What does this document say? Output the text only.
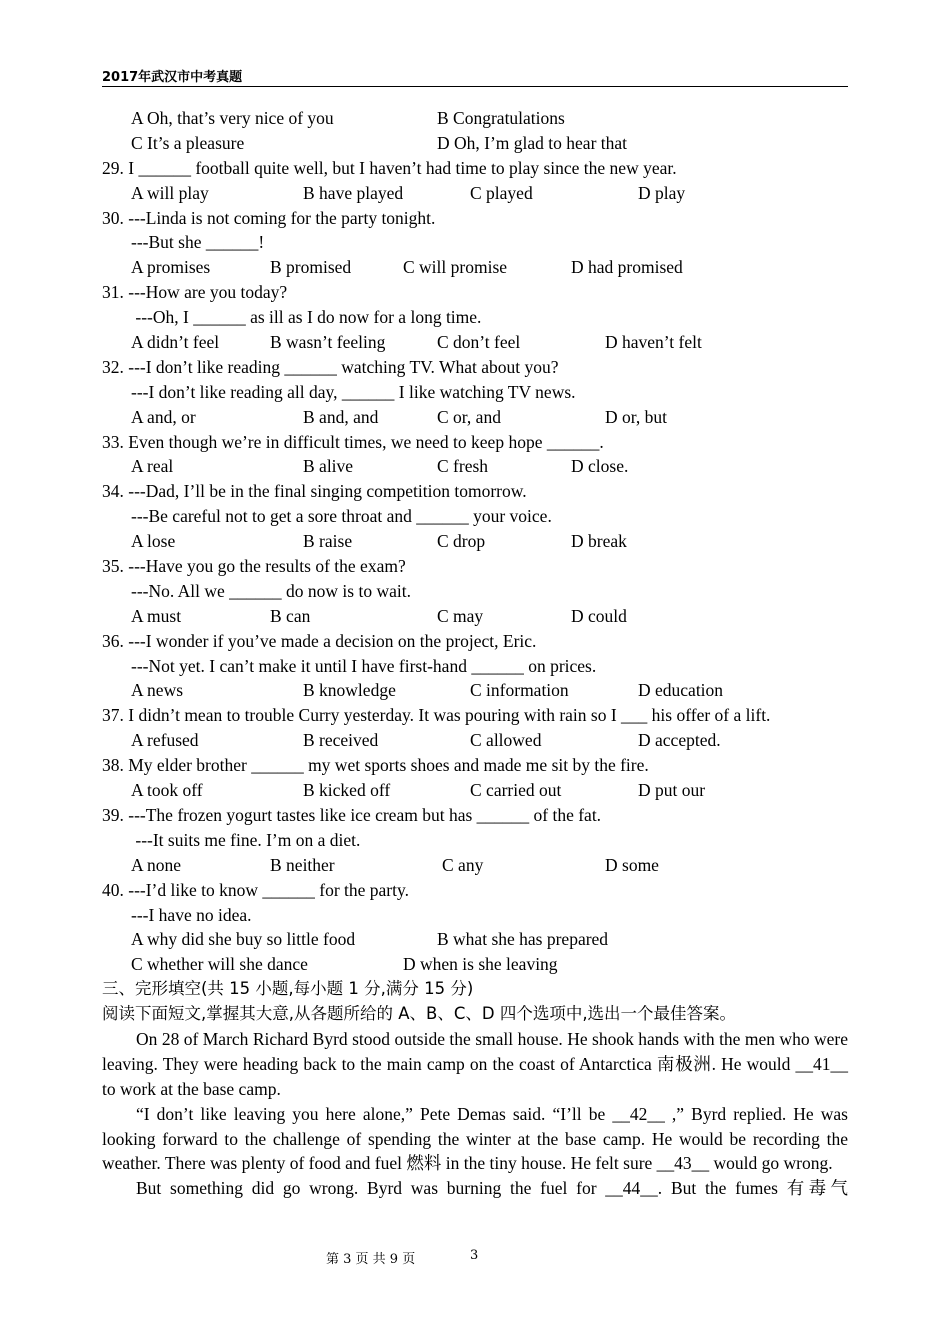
2017年武汉市中考真题
A Oh, that’s very nice of you	B Congratulations
C It’s a pleasure	D Oh, I’m glad to hear that
29. I ______ football quite well, but I haven’t had time to play since the new year.
A will play	B have played	C played	D play
30. ---Linda is not coming for the party tonight.
---But she ______!
A promises	B promised	C will promise	D had promised
31. ---How are you today?
---Oh, I ______ as ill as I do now for a long time.
A didn’t feel	B wasn’t feeling	C don’t feel	D haven’t felt
32. ---I don’t like reading ______ watching TV. What about you?
---I don’t like reading all day, ______ I like watching TV news.
A and, or	B and, and	C or, and	D or, but
33. Even though we’re in difficult times, we need to keep hope ______.
A real	B alive	C fresh	D close.
34. ---Dad, I’ll be in the final singing competition tomorrow.
---Be careful not to get a sore throat and ______ your voice.
A lose	B raise	C drop	D break
35. ---Have you go the results of the exam?
---No. All we ______ do now is to wait.
A must	B can	C may	D could
36. ---I wonder if you’ve made a decision on the project, Eric.
---Not yet. I can’t make it until I have first-hand ______ on prices.
A news	B knowledge	C information	D education
37. I didn’t mean to trouble Curry yesterday. It was pouring with rain so I ___ his offer of a lift.
A refused	B received	C allowed	D accepted.
38. My elder brother ______ my wet sports shoes and made me sit by the fire.
A took off	B kicked off	C carried out	D put our
39. ---The frozen yogurt tastes like ice cream but has ______ of the fat.
---It suits me fine. I’m on a diet.
A none	B neither	C any	D some
40. ---I’d like to know ______ for the party.
---I have no idea.
A why did she buy so little food	B what she has prepared
C whether will she dance	D when is she leaving
三、完形填空(共 15 小题,每小题 1 分,满分 15 分)
阅读下面短文,掌握其大意,从各题所给的 A、B、C、D 四个选项中,选出一个最佳答案。

On 28 of March Richard Byrd stood outside the small house. He shook hands with the men who were leaving. They were heading back to the main camp on the coast of Antarctica 南极洲. He would __41__ to work at the base camp.

“I don’t like leaving you here alone,” Pete Demas said. “I’ll be __42__ ,” Byrd replied. He was looking forward to the challenge of spending the winter at the base camp. He would be recording the weather. There was plenty of food and fuel 燃料 in the tiny house. He felt sure __43__ would go wrong.

But something did go wrong. Byrd was burning the fuel for __44__. But the fumes 有毒气

第 3 页 共 9 页	3
